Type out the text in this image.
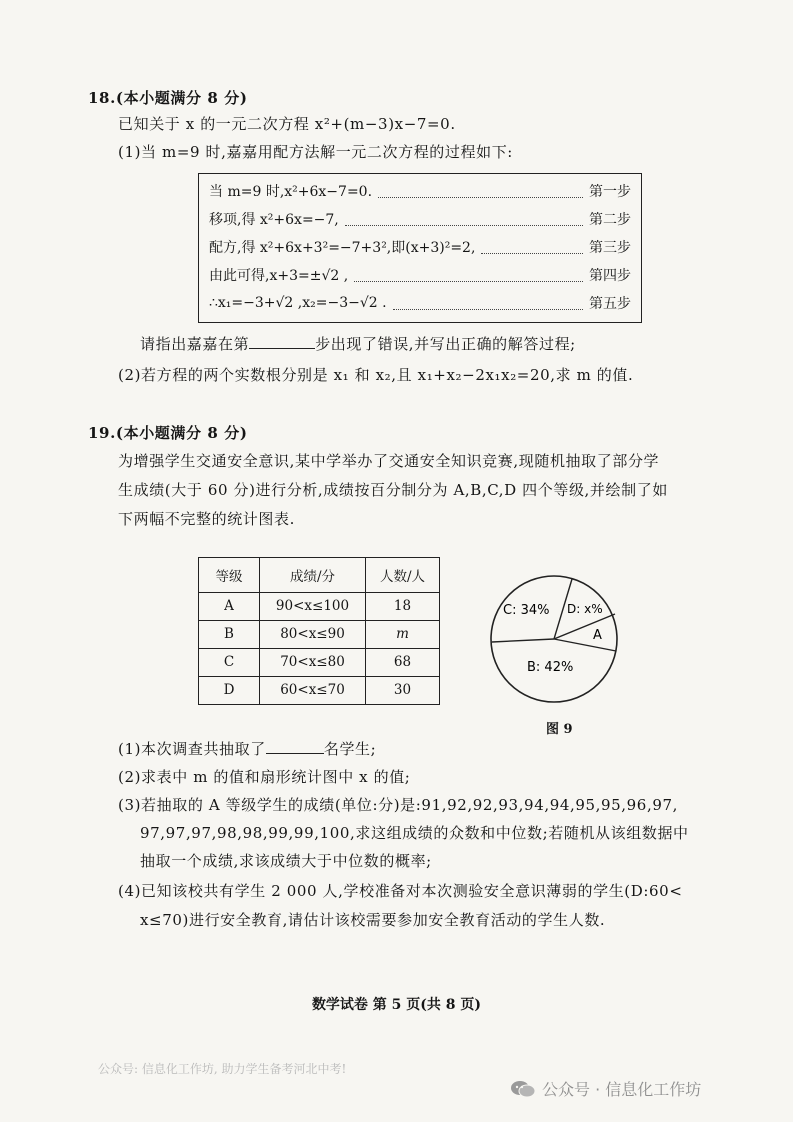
18.(本小题满分 8 分)
已知关于 x 的一元二次方程 x²+(m−3)x−7=0.
(1)当 m=9 时,嘉嘉用配方法解一元二次方程的过程如下:
当 m=9 时,x²+6x−7=0.	第一步
移项,得 x²+6x=−7,	第二步
配方,得 x²+6x+3²=−7+3²,即(x+3)²=2,	第三步
由此可得,x+3=±√2 ,	第四步
∴x₁=−3+√2 ,x₂=−3−√2 .	第五步
请指出嘉嘉在第	步出现了错误,并写出正确的解答过程;
(2)若方程的两个实数根分别是 x₁ 和 x₂,且 x₁+x₂−2x₁x₂=20,求 m 的值.
19.(本小题满分 8 分)
为增强学生交通安全意识,某中学举办了交通安全知识竞赛,现随机抽取了部分学
生成绩(大于 60 分)进行分析,成绩按百分制分为 A,B,C,D 四个等级,并绘制了如
下两幅不完整的统计图表.
等级	成绩/分	人数/人
A	90<x≤100	18
B	80<x≤90	m
C	70<x≤80	68
D	60<x≤70	30
C: 34% D: x%
A
B: 42%
图 9
(1)本次调查共抽取了	名学生;
(2)求表中 m 的值和扇形统计图中 x 的值;
(3)若抽取的 A 等级学生的成绩(单位:分)是:91,92,92,93,94,94,95,95,96,97,
97,97,97,98,98,99,99,100,求这组成绩的众数和中位数;若随机从该组数据中
抽取一个成绩,求该成绩大于中位数的概率;
(4)已知该校共有学生 2 000 人,学校准备对本次测验安全意识薄弱的学生(D:60<
x≤70)进行安全教育,请估计该校需要参加安全教育活动的学生人数.
数学试卷 第 5 页(共 8 页)
公众号: 信息化工作坊, 助力学生备考河北中考!
公众号 · 信息化工作坊
